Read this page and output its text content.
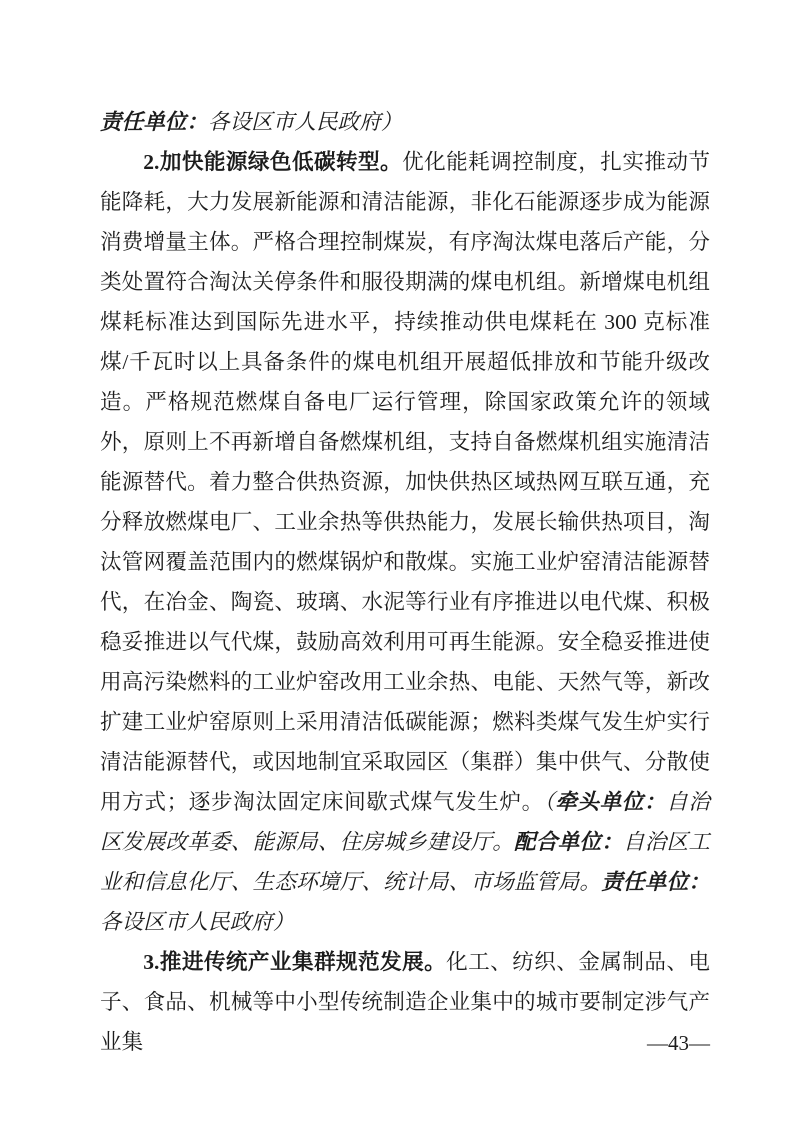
责任单位：各设区市人民政府）

2.加快能源绿色低碳转型。优化能耗调控制度，扎实推动节能降耗，大力发展新能源和清洁能源，非化石能源逐步成为能源消费增量主体。严格合理控制煤炭，有序淘汰煤电落后产能，分类处置符合淘汰关停条件和服役期满的煤电机组。新增煤电机组煤耗标准达到国际先进水平，持续推动供电煤耗在 300 克标准煤/千瓦时以上具备条件的煤电机组开展超低排放和节能升级改造。严格规范燃煤自备电厂运行管理，除国家政策允许的领域外，原则上不再新增自备燃煤机组，支持自备燃煤机组实施清洁能源替代。着力整合供热资源，加快供热区域热网互联互通，充分释放燃煤电厂、工业余热等供热能力，发展长输供热项目，淘汰管网覆盖范围内的燃煤锅炉和散煤。实施工业炉窑清洁能源替代，在冶金、陶瓷、玻璃、水泥等行业有序推进以电代煤、积极稳妥推进以气代煤，鼓励高效利用可再生能源。安全稳妥推进使用高污染燃料的工业炉窑改用工业余热、电能、天然气等，新改扩建工业炉窑原则上采用清洁低碳能源；燃料类煤气发生炉实行清洁能源替代，或因地制宜采取园区（集群）集中供气、分散使用方式；逐步淘汰固定床间歇式煤气发生炉。（牵头单位：自治区发展改革委、能源局、住房城乡建设厅。配合单位：自治区工业和信息化厅、生态环境厅、统计局、市场监管局。责任单位：各设区市人民政府）

3.推进传统产业集群规范发展。化工、纺织、金属制品、电子、食品、机械等中小型传统制造企业集中的城市要制定涉气产业集	—43—
